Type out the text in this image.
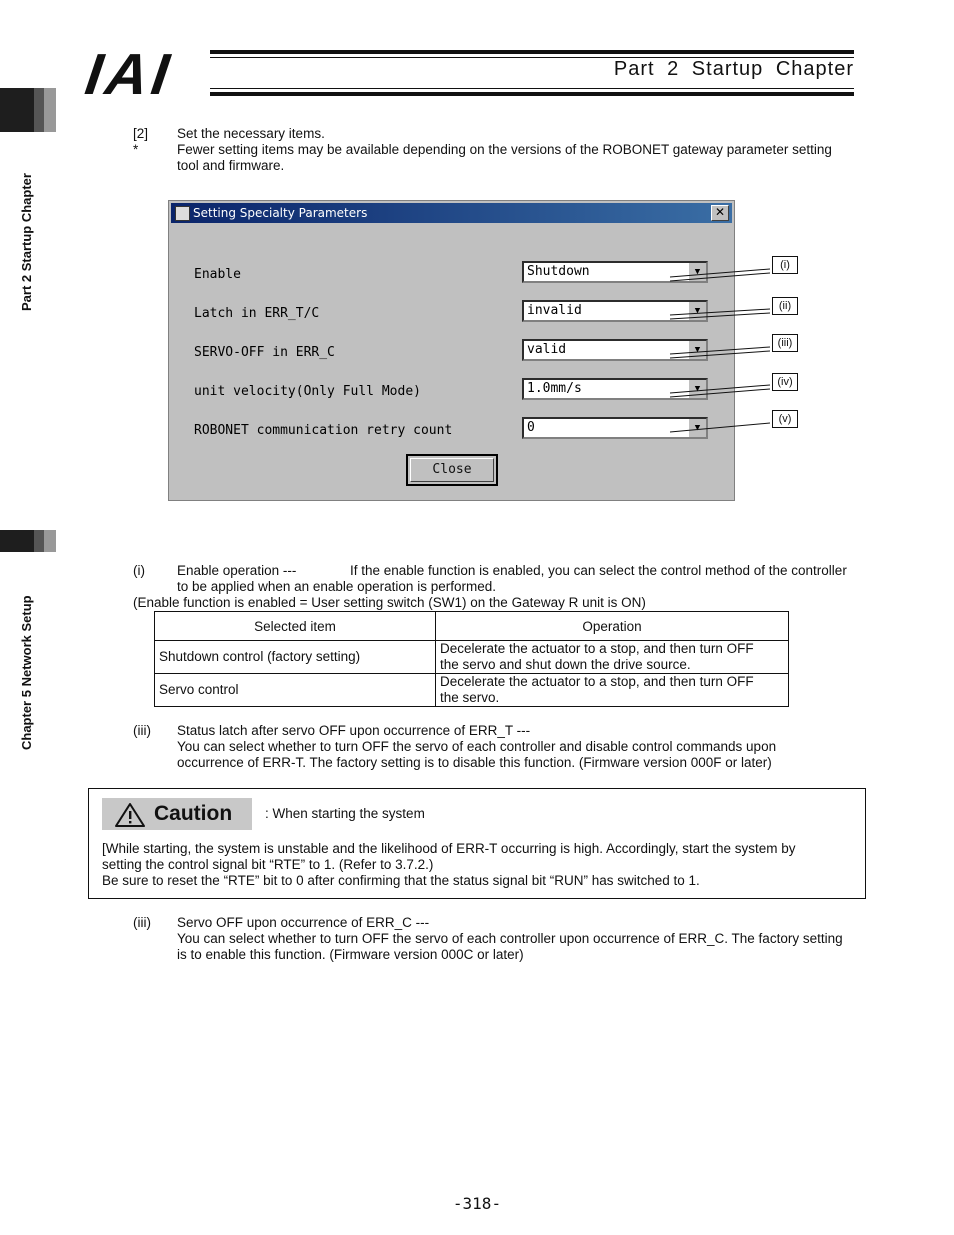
IAI	Part 2 Startup Chapter
Part 2 Startup Chapter
Chapter 5 Network Setup
[2] Set the necessary items.
*	Fewer setting items may be available depending on the versions of the ROBONET gateway parameter setting
tool and firmware.
Setting Specialty Parameters	✕
Enable	Shutdown	▼
Latch in ERR_T/C	invalid	▼
SERVO-OFF in ERR_C	valid	▼
unit velocity(Only Full Mode)	1.0mm/s	▼
ROBONET communication retry count	0	▼
Close
(i)
(ii)
(iii)
(iv)
(v)
(i) Enable operation ---	If the enable function is enabled, you can select the control method of the controller
to be applied when an enable operation is performed.
(Enable function is enabled = User setting switch (SW1) on the Gateway R unit is ON)
Selected item	Operation
Shutdown control (factory setting)	Decelerate the actuator to a stop, and then turn OFF
the servo and shut down the drive source.

Servo control	Decelerate the actuator to a stop, and then turn OFF
the servo.
(iii) Status latch after servo OFF upon occurrence of ERR_T ---
You can select whether to turn OFF the servo of each controller and disable control commands upon
occurrence of ERR-T. The factory setting is to disable this function. (Firmware version 000F or later)
Caution : When starting the system
[While starting, the system is unstable and the likelihood of ERR-T occurring is high. Accordingly, start the system by
setting the control signal bit “RTE” to 1. (Refer to 3.7.2.)
Be sure to reset the “RTE” bit to 0 after confirming that the status signal bit “RUN” has switched to 1.
(iii) Servo OFF upon occurrence of ERR_C ---
You can select whether to turn OFF the servo of each controller upon occurrence of ERR_C. The factory setting
is to enable this function. (Firmware version 000C or later)
-318-
